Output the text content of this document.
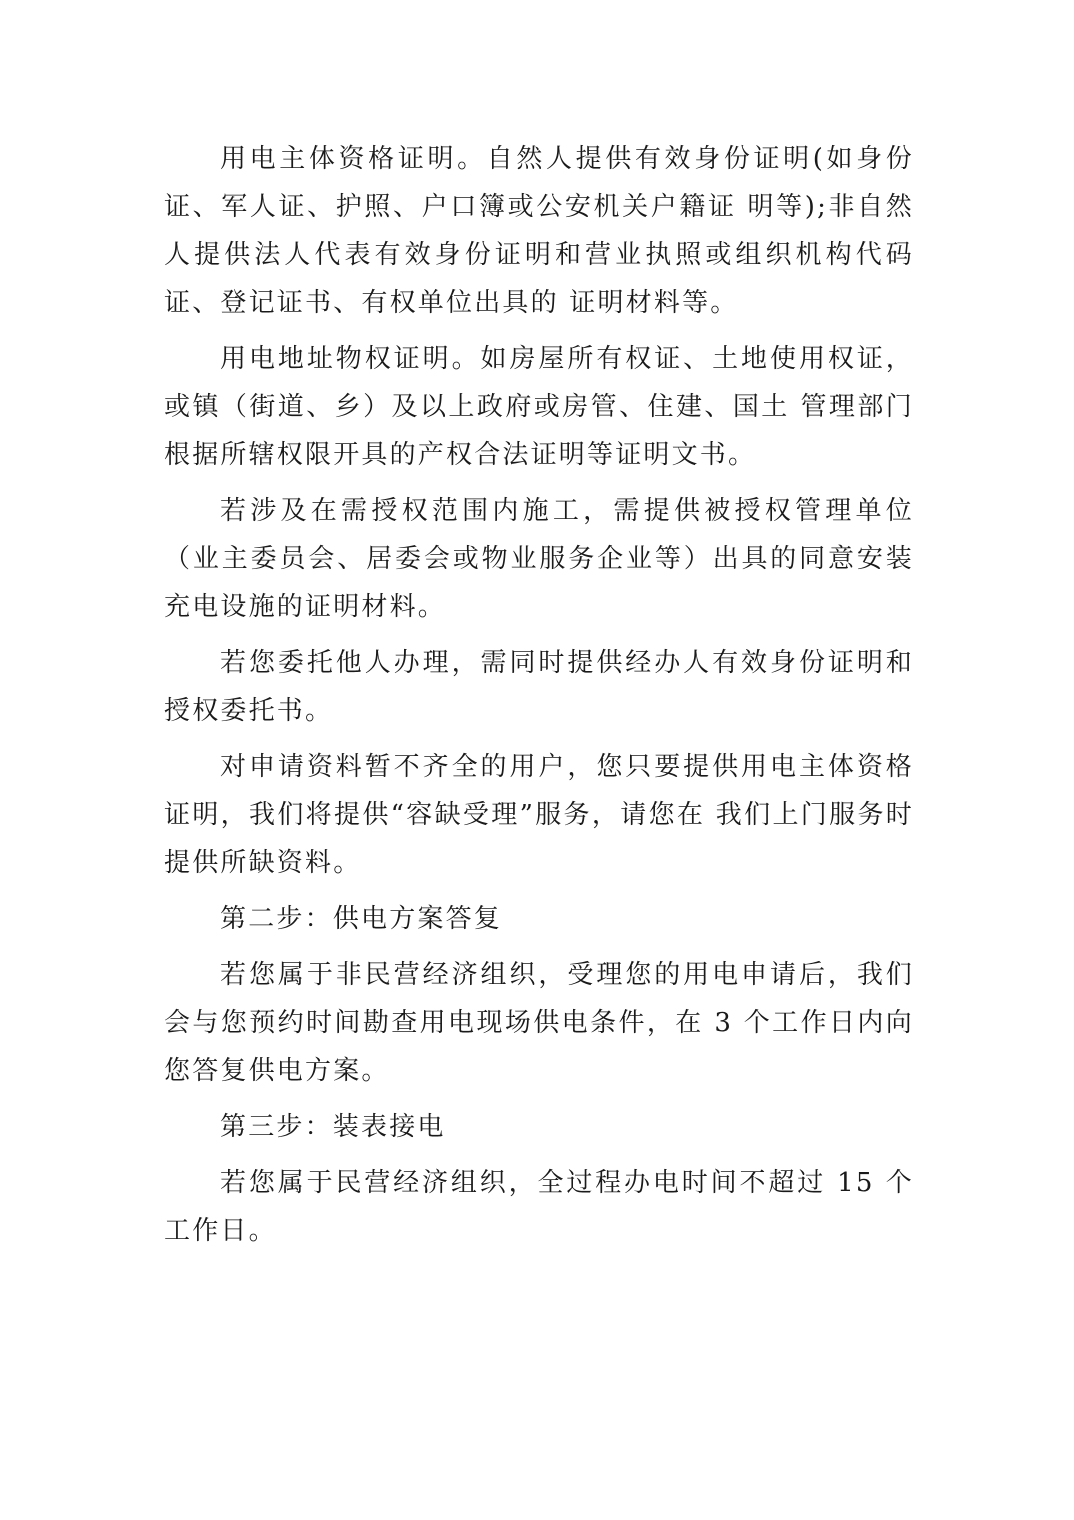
用电主体资格证明。自然人提供有效身份证明(如身份证、军人证、护照、户口簿或公安机关户籍证 明等);非自然人提供法人代表有效身份证明和营业执照或组织机构代码证、登记证书、有权单位出具的 证明材料等。

用电地址物权证明。如房屋所有权证、土地使用权证，或镇（街道、乡）及以上政府或房管、住建、国土 管理部门根据所辖权限开具的产权合法证明等证明文书。

若涉及在需授权范围内施工，需提供被授权管理单位（业主委员会、居委会或物业服务企业等）出具的同意安装充电设施的证明材料。

若您委托他人办理，需同时提供经办人有效身份证明和授权委托书。

对申请资料暂不齐全的用户，您只要提供用电主体资格证明，我们将提供“容缺受理”服务，请您在 我们上门服务时提供所缺资料。

第二步：供电方案答复

若您属于非民营经济组织，受理您的用电申请后，我们会与您预约时间勘查用电现场供电条件，在 3 个工作日内向您答复供电方案。

第三步：装表接电

若您属于民营经济组织，全过程办电时间不超过 15 个工作日。
